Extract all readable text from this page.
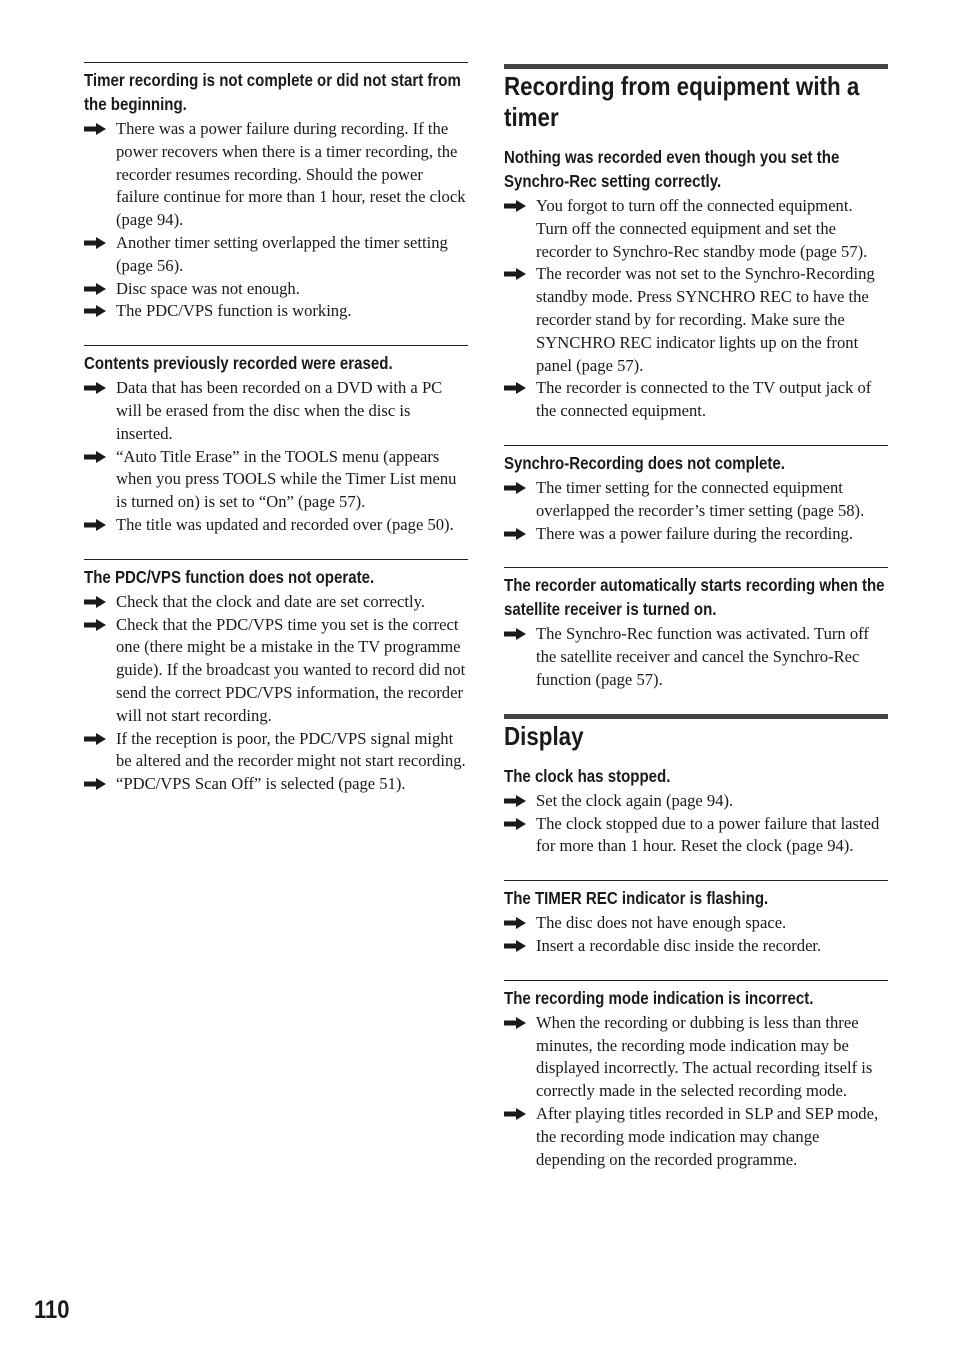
Timer recording is not complete or did not start from the beginning.
There was a power failure during recording. If the power recovers when there is a timer recording, the recorder resumes recording. Should the power failure continue for more than 1 hour, reset the clock (page 94).
Another timer setting overlapped the timer setting (page 56).
Disc space was not enough.
The PDC/VPS function is working.
Contents previously recorded were erased.
Data that has been recorded on a DVD with a PC will be erased from the disc when the disc is inserted.
“Auto Title Erase” in the TOOLS menu (appears when you press TOOLS while the Timer List menu is turned on) is set to “On” (page 57).
The title was updated and recorded over (page 50).
The PDC/VPS function does not operate.
Check that the clock and date are set correctly.
Check that the PDC/VPS time you set is the correct one (there might be a mistake in the TV programme guide). If the broadcast you wanted to record did not send the correct PDC/VPS information, the recorder will not start recording.
If the reception is poor, the PDC/VPS signal might be altered and the recorder might not start recording.
“PDC/VPS Scan Off” is selected (page 51).
Recording from equipment with a timer
Nothing was recorded even though you set the Synchro-Rec setting correctly.
You forgot to turn off the connected equipment. Turn off the connected equipment and set the recorder to Synchro-Rec standby mode (page 57).
The recorder was not set to the Synchro-Recording standby mode. Press SYNCHRO REC to have the recorder stand by for recording. Make sure the SYNCHRO REC indicator lights up on the front panel (page 57).
The recorder is connected to the TV output jack of the connected equipment.
Synchro-Recording does not complete.
The timer setting for the connected equipment overlapped the recorder’s timer setting (page 58).
There was a power failure during the recording.
The recorder automatically starts recording when the satellite receiver is turned on.
The Synchro-Rec function was activated. Turn off the satellite receiver and cancel the Synchro-Rec function (page 57).
Display
The clock has stopped.
Set the clock again (page 94).
The clock stopped due to a power failure that lasted for more than 1 hour. Reset the clock (page 94).
The TIMER REC indicator is flashing.
The disc does not have enough space.
Insert a recordable disc inside the recorder.
The recording mode indication is incorrect.
When the recording or dubbing is less than three minutes, the recording mode indication may be displayed incorrectly. The actual recording itself is correctly made in the selected recording mode.
After playing titles recorded in SLP and SEP mode, the recording mode indication may change depending on the recorded programme.
110
